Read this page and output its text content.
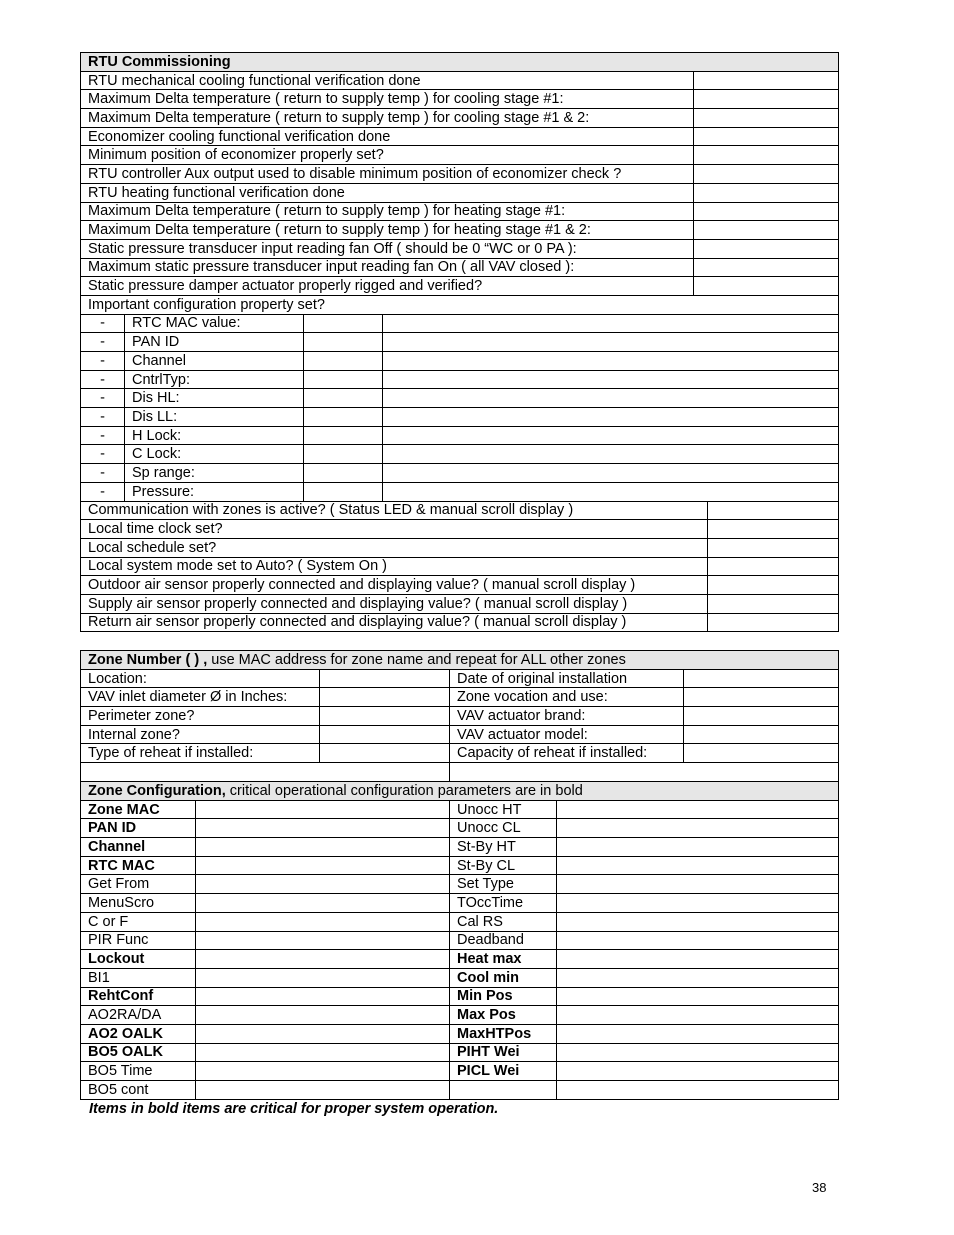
RTU Commissioning					
RTU mechanical cooling functional verification done					
Maximum Delta temperature ( return to supply temp ) for cooling stage #1:					
Maximum Delta temperature ( return to supply temp ) for cooling stage #1 & 2:					
Economizer cooling functional verification done					
Minimum position of economizer properly set?					
RTU controller Aux output used to disable minimum position of economizer check ?					
RTU heating functional verification done					
Maximum Delta temperature ( return to supply temp ) for heating stage #1:					
Maximum Delta temperature ( return to supply temp ) for heating stage #1 & 2:					
Static pressure transducer input reading fan Off ( should be 0 “WC or 0 PA ):					
Maximum static pressure transducer input reading fan On ( all VAV closed ):					
Static pressure damper actuator properly rigged and verified?					
Important configuration property set?					
-	RTC MAC value:				
-	PAN ID				
-	Channel				
-	CntrlTyp:				
-	Dis HL:				
-	Dis LL:				
-	H Lock:				
-	C Lock:				
-	Sp range:				
-	Pressure:				
Communication with zones is active? ( Status LED & manual scroll display )					
Local time clock set?					
Local schedule set?					
Local system mode set to Auto? ( System On )					
Outdoor air sensor properly connected and displaying value? ( manual scroll display )					
Supply air sensor properly connected and displaying value? ( manual scroll display )					
Return air sensor properly connected and displaying value? ( manual scroll display )					
Zone Number ( ) , use MAC address for zone name and repeat for ALL other zones			
Location:		Date of original installation	
VAV inlet diameter Ø in Inches:		Zone vocation and use:	
Perimeter zone?		VAV actuator brand:	
Internal zone?		VAV actuator model:	
Type of reheat if installed:		Capacity of reheat if installed:	

Zone Configuration, critical operational configuration parameters are in bold			
Zone MAC		Unocc HT	
PAN ID		Unocc CL	
Channel		St-By HT	
RTC MAC		St-By CL	
Get From		Set Type	
MenuScro		TOccTime	
C or F		Cal RS	
PIR Func		Deadband	
Lockout		Heat max	
BI1		Cool min	
RehtConf		Min Pos	
AO2RA/DA		Max Pos	
AO2 OALK		MaxHTPos	
BO5 OALK		PIHT Wei	
BO5 Time		PICL Wei	
BO5 cont			
Items in bold items are critical for proper system operation.
38
